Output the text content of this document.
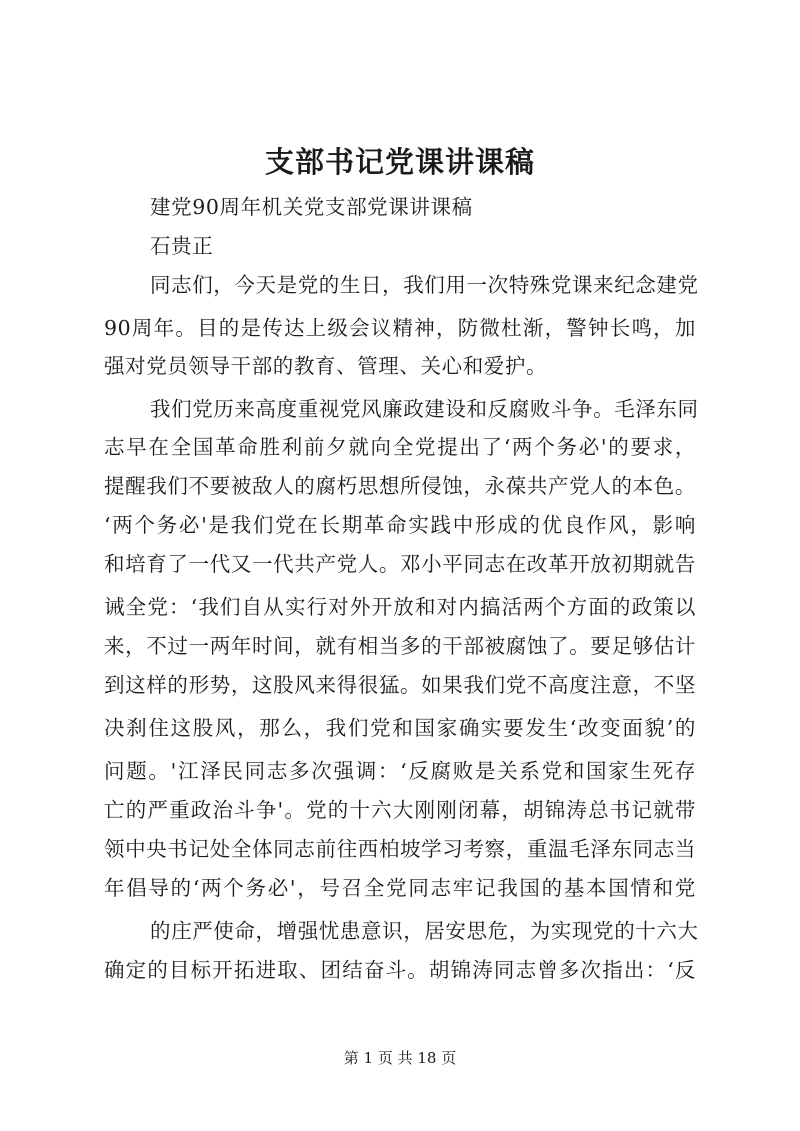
支部书记党课讲课稿
建党90周年机关党支部党课讲课稿
石贵正
同志们，今天是党的生日，我们用一次特殊党课来纪念建党
90周年。目的是传达上级会议精神，防微杜渐，警钟长鸣，加
强对党员领导干部的教育、管理、关心和爱护。
我们党历来高度重视党风廉政建设和反腐败斗争。毛泽东同
志早在全国革命胜利前夕就向全党提出了‘两个务必'的要求，
提醒我们不要被敌人的腐朽思想所侵蚀，永葆共产党人的本色。
‘两个务必'是我们党在长期革命实践中形成的优良作风，影响
和培育了一代又一代共产党人。邓小平同志在改革开放初期就告
诫全党：‘我们自从实行对外开放和对内搞活两个方面的政策以
来，不过一两年时间，就有相当多的干部被腐蚀了。要足够估计
到这样的形势，这股风来得很猛。如果我们党不高度注意，不坚
决刹住这股风，那么，我们党和国家确实要发生‘改变面貌’的
问题。'江泽民同志多次强调：‘反腐败是关系党和国家生死存
亡的严重政治斗争'。党的十六大刚刚闭幕，胡锦涛总书记就带
领中央书记处全体同志前往西柏坡学习考察，重温毛泽东同志当
年倡导的‘两个务必'，号召全党同志牢记我国的基本国情和党
的庄严使命，增强忧患意识，居安思危，为实现党的十六大
确定的目标开拓进取、团结奋斗。胡锦涛同志曾多次指出：‘反
第 1 页 共 18 页
